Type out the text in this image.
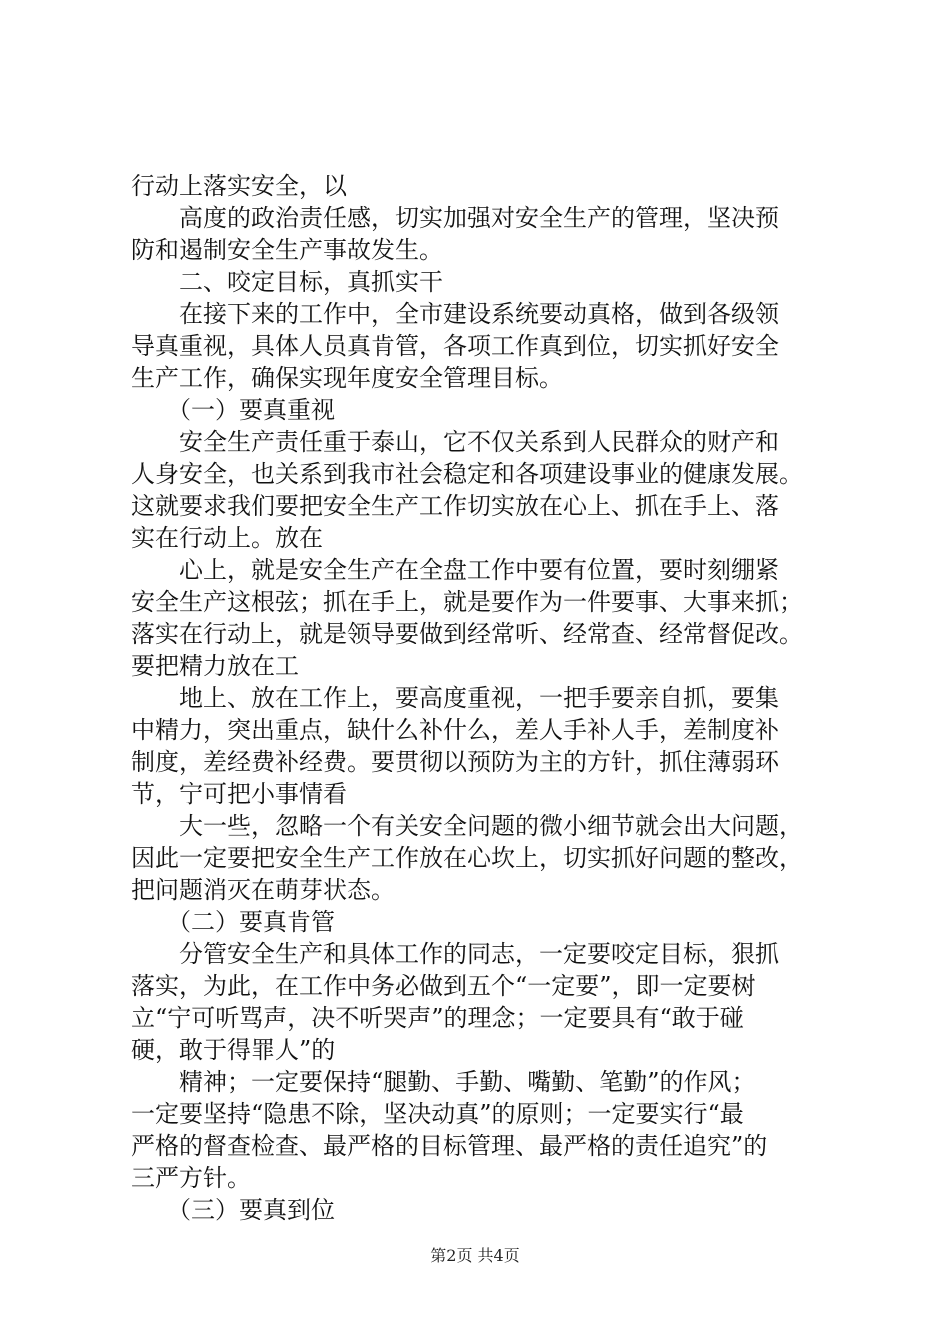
行动上落实安全，以
　　高度的政治责任感，切实加强对安全生产的管理，坚决预
防和遏制安全生产事故发生。
　　二、咬定目标，真抓实干
　　在接下来的工作中，全市建设系统要动真格，做到各级领
导真重视，具体人员真肯管，各项工作真到位，切实抓好安全
生产工作，确保实现年度安全管理目标。
　　（一）要真重视
　　安全生产责任重于泰山，它不仅关系到人民群众的财产和
人身安全，也关系到我市社会稳定和各项建设事业的健康发展。
这就要求我们要把安全生产工作切实放在心上、抓在手上、落
实在行动上。放在
　　心上，就是安全生产在全盘工作中要有位置，要时刻绷紧
安全生产这根弦；抓在手上，就是要作为一件要事、大事来抓；
落实在行动上，就是领导要做到经常听、经常查、经常督促改。
要把精力放在工
　　地上、放在工作上，要高度重视，一把手要亲自抓，要集
中精力，突出重点，缺什么补什么，差人手补人手，差制度补
制度，差经费补经费。要贯彻以预防为主的方针，抓住薄弱环
节，宁可把小事情看
　　大一些，忽略一个有关安全问题的微小细节就会出大问题，
因此一定要把安全生产工作放在心坎上，切实抓好问题的整改，
把问题消灭在萌芽状态。
　　（二）要真肯管
　　分管安全生产和具体工作的同志，一定要咬定目标，狠抓
落实，为此，在工作中务必做到五个“一定要”，即一定要树
立“宁可听骂声，决不听哭声”的理念；一定要具有“敢于碰
硬，敢于得罪人”的
　　精神；一定要保持“腿勤、手勤、嘴勤、笔勤”的作风；
一定要坚持“隐患不除，坚决动真”的原则；一定要实行“最
严格的督查检查、最严格的目标管理、最严格的责任追究”的
三严方针。
　　（三）要真到位
第2页 共4页
